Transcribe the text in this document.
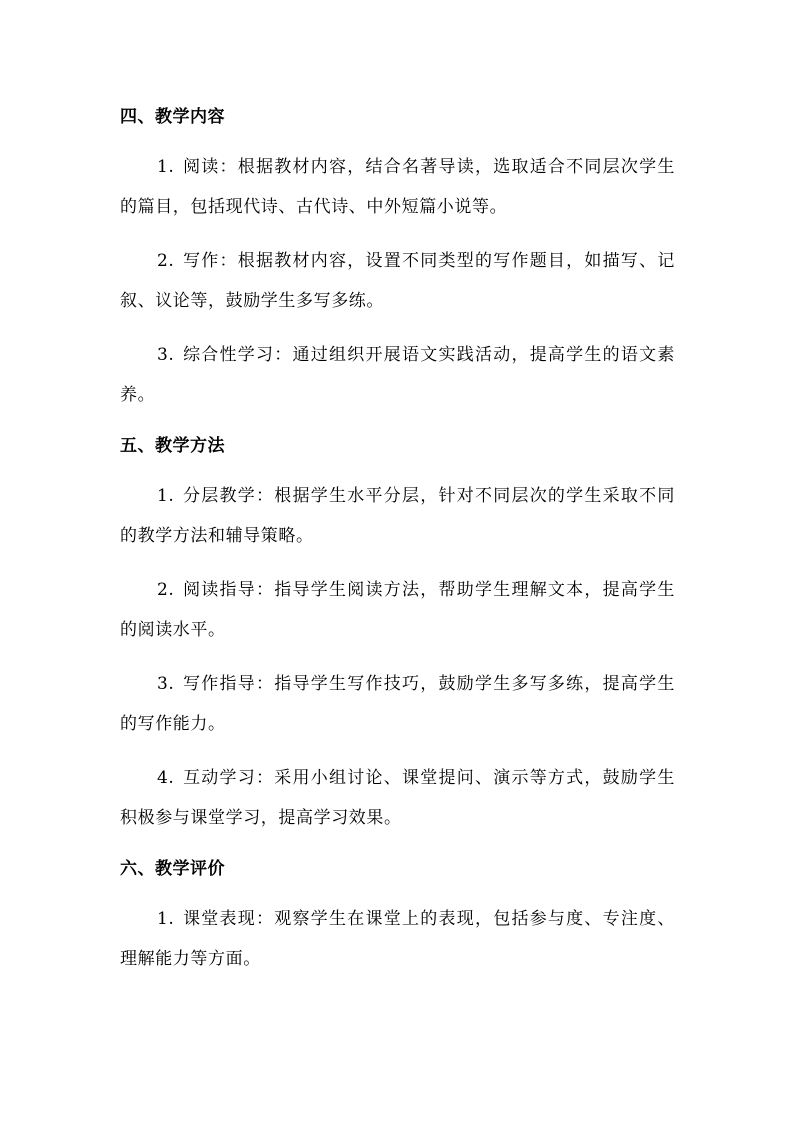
四、教学内容

1. 阅读：根据教材内容，结合名著导读，选取适合不同层次学生的篇目，包括现代诗、古代诗、中外短篇小说等。

2. 写作：根据教材内容，设置不同类型的写作题目，如描写、记叙、议论等，鼓励学生多写多练。

3. 综合性学习：通过组织开展语文实践活动，提高学生的语文素养。

五、教学方法

1. 分层教学：根据学生水平分层，针对不同层次的学生采取不同的教学方法和辅导策略。

2. 阅读指导：指导学生阅读方法，帮助学生理解文本，提高学生的阅读水平。

3. 写作指导：指导学生写作技巧，鼓励学生多写多练，提高学生的写作能力。

4. 互动学习：采用小组讨论、课堂提问、演示等方式，鼓励学生积极参与课堂学习，提高学习效果。

六、教学评价

1. 课堂表现：观察学生在课堂上的表现，包括参与度、专注度、理解能力等方面。
